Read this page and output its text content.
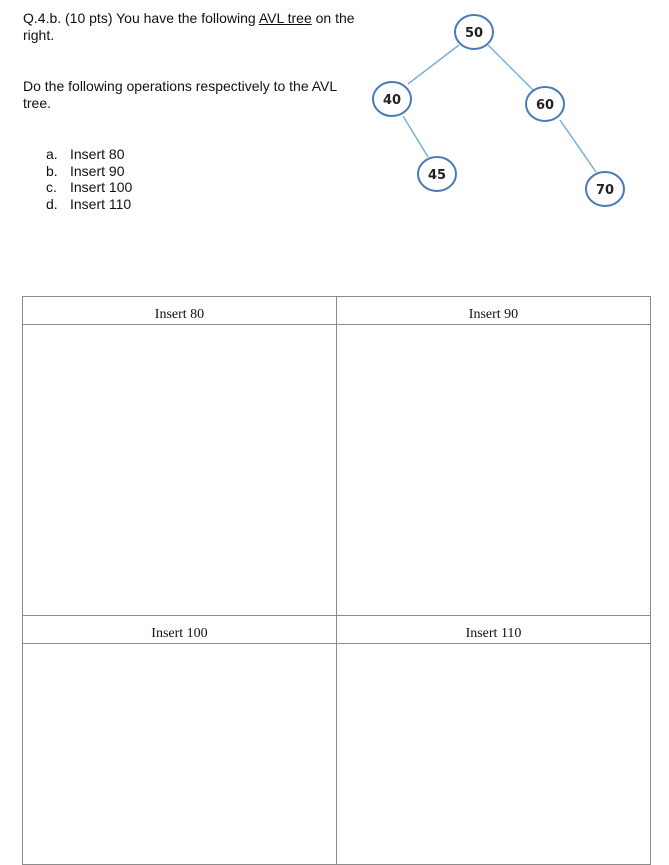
Q.4.b. (10 pts) You have the following AVL tree on the right.
Do the following operations respectively to the AVL tree.
a. Insert 80
b. Insert 90
c. Insert 100
d. Insert 110
50
40	60
45
70
Insert 80	Insert 90

Insert 100	Insert 110
